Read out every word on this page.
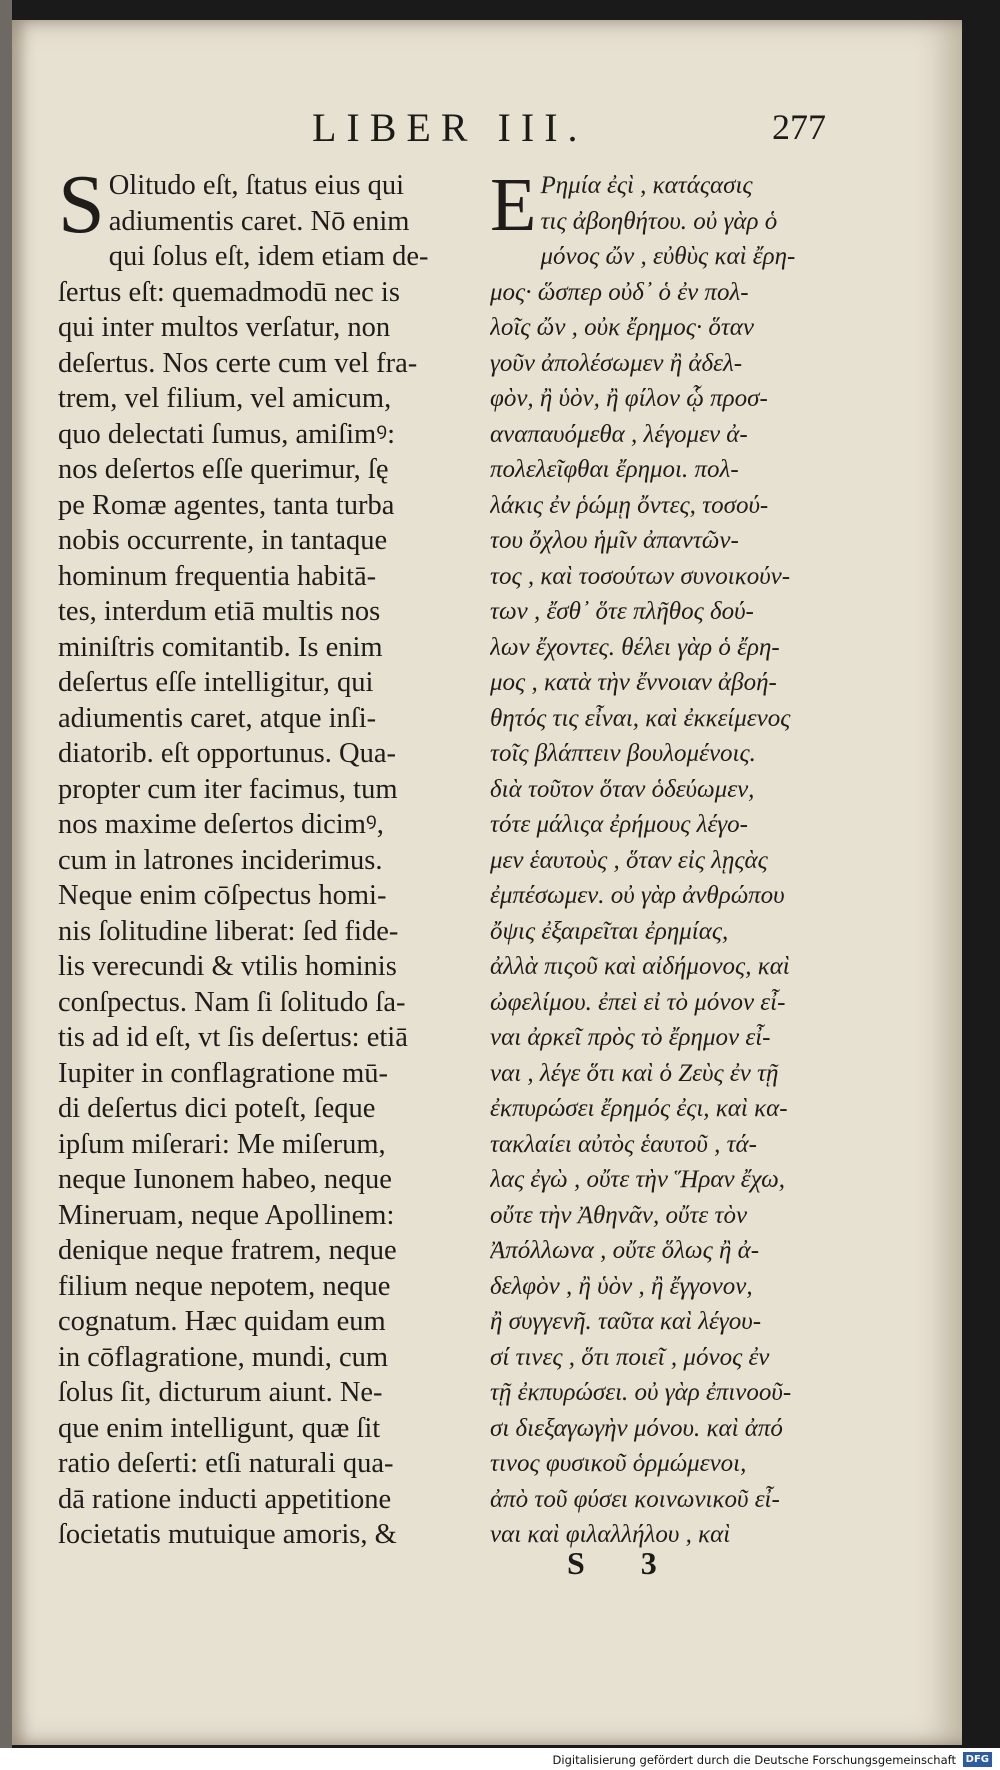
LIBER III.	277
S Olitudo eſt, ſtatus eius qui
adiumentis caret. Nō enim
qui ſolus eſt, idem etiam de-
ſertus eſt: quemadmodū nec is
qui inter multos verſatur, non
deſertus. Nos certe cum vel fra-
trem, vel filium, vel amicum,
quo delectati ſumus, amiſimꝰ:
nos deſertos eſſe querimur, ſę
pe Romæ agentes, tanta turba
nobis occurrente, in tantaque
hominum frequentia habitā-
tes, interdum etiā multis nos
miniſtris comitantib. Is enim
deſertus eſſe intelligitur, qui
adiumentis caret, atque inſi-
diatorib. eſt opportunus. Qua-
propter cum iter facimus, tum
nos maxime deſertos dicimꝰ,
cum in latrones inciderimus.
Neque enim cōſpectus homi-
nis ſolitudine liberat: ſed fide-
lis verecundi & vtilis hominis
conſpectus. Nam ſi ſolitudo ſa-
tis ad id eſt, vt ſis deſertus: etiā
Iupiter in conflagratione mū-
di deſertus dici poteſt, ſeque
ipſum miſerari: Me miſerum,
neque Iunonem habeo, neque
Mineruam, neque Apollinem:
denique neque fratrem, neque
filium neque nepotem, neque
cognatum. Hæc quidam eum
in cōflagratione, mundi, cum
ſolus ſit, dicturum aiunt. Ne-
que enim intelligunt, quæ ſit
ratio deſerti: etſi naturali qua-
dā ratione inducti appetitione
ſocietatis mutuique amoris, &
E Ρημία ἐςὶ , κατάςασις
τις ἀβοηθήτου. οὐ γὰρ ὁ
μόνος ὤν , εὐθὺς καὶ ἔρη-
μος· ὥσπερ οὐδ᾽ ὁ ἐν πολ-
λοῖς ὤν , οὐκ ἔρημος· ὅταν
γοῦν ἀπολέσωμεν ἢ ἀδελ-
φὸν, ἢ ὑὸν, ἢ φίλον ᾧ προσ-
αναπαυόμεθα , λέγομεν ἀ-
πολελεῖφθαι ἔρημοι. πολ-
λάκις ἐν ῥώμῃ ὄντες, τοσού-
του ὄχλου ἡμῖν ἀπαντῶν-
τος , καὶ τοσούτων συνοικούν-
των , ἔσθ᾽ ὅτε πλῆθος δού-
λων ἔχοντες. θέλει γὰρ ὁ ἔρη-
μος , κατὰ τὴν ἔννοιαν ἀβοή-
θητός τις εἶναι, καὶ ἐκκείμενος
τοῖς βλάπτειν βουλομένοις.
διὰ τοῦτον ὅταν ὁδεύωμεν,
τότε μάλιςα ἐρήμους λέγο-
μεν ἑαυτοὺς , ὅταν εἰς λῃςὰς
ἐμπέσωμεν. οὐ γὰρ ἀνθρώπου
ὄψις ἐξαιρεῖται ἐρημίας,
ἀλλὰ πιςοῦ καὶ αἰδήμονος, καὶ
ὠφελίμου. ἐπεὶ εἰ τὸ μόνον εἶ-
ναι ἀρκεῖ πρὸς τὸ ἔρημον εἶ-
ναι , λέγε ὅτι καὶ ὁ Ζεὺς ἐν τῇ
ἐκπυρώσει ἔρημός ἐςι, καὶ κα-
τακλαίει αὐτὸς ἑαυτοῦ , τά-
λας ἐγὼ , οὔτε τὴν Ἥραν ἔχω,
οὔτε τὴν Ἀθηνᾶν, οὔτε τὸν
Ἀπόλλωνα , οὔτε ὅλως ἢ ἀ-
δελφὸν , ἢ ὑὸν , ἢ ἔγγονον,
ἢ συγγενῆ. ταῦτα καὶ λέγου-
σί τινες , ὅτι ποιεῖ , μόνος ἐν
τῇ ἐκπυρώσει. οὐ γὰρ ἐπινοοῦ-
σι διεξαγωγὴν μόνου. καὶ ἀπό
τινος φυσικοῦ ὁρμώμενοι,
ἀπὸ τοῦ φύσει κοινωνικοῦ εἶ-
ναι καὶ φιλαλλήλου , καὶ
S 3
Digitalisierung gefördert durch die Deutsche Forschungsgemeinschaft DFG
